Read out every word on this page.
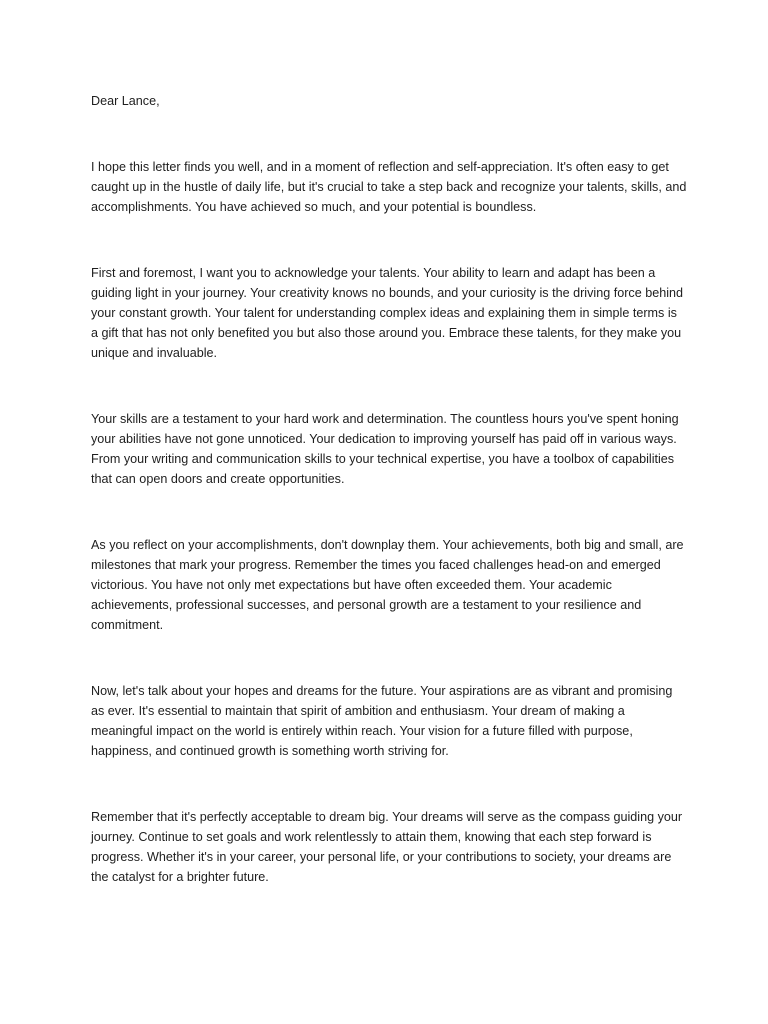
Dear Lance,

I hope this letter finds you well, and in a moment of reflection and self-appreciation. It's often easy to get caught up in the hustle of daily life, but it's crucial to take a step back and recognize your talents, skills, and accomplishments. You have achieved so much, and your potential is boundless.

First and foremost, I want you to acknowledge your talents. Your ability to learn and adapt has been a guiding light in your journey. Your creativity knows no bounds, and your curiosity is the driving force behind your constant growth. Your talent for understanding complex ideas and explaining them in simple terms is a gift that has not only benefited you but also those around you. Embrace these talents, for they make you unique and invaluable.

Your skills are a testament to your hard work and determination. The countless hours you've spent honing your abilities have not gone unnoticed. Your dedication to improving yourself has paid off in various ways. From your writing and communication skills to your technical expertise, you have a toolbox of capabilities that can open doors and create opportunities.

As you reflect on your accomplishments, don't downplay them. Your achievements, both big and small, are milestones that mark your progress. Remember the times you faced challenges head-on and emerged victorious. You have not only met expectations but have often exceeded them. Your academic achievements, professional successes, and personal growth are a testament to your resilience and commitment.

Now, let's talk about your hopes and dreams for the future. Your aspirations are as vibrant and promising as ever. It's essential to maintain that spirit of ambition and enthusiasm. Your dream of making a meaningful impact on the world is entirely within reach. Your vision for a future filled with purpose, happiness, and continued growth is something worth striving for.

Remember that it's perfectly acceptable to dream big. Your dreams will serve as the compass guiding your journey. Continue to set goals and work relentlessly to attain them, knowing that each step forward is progress. Whether it's in your career, your personal life, or your contributions to society, your dreams are the catalyst for a brighter future.
